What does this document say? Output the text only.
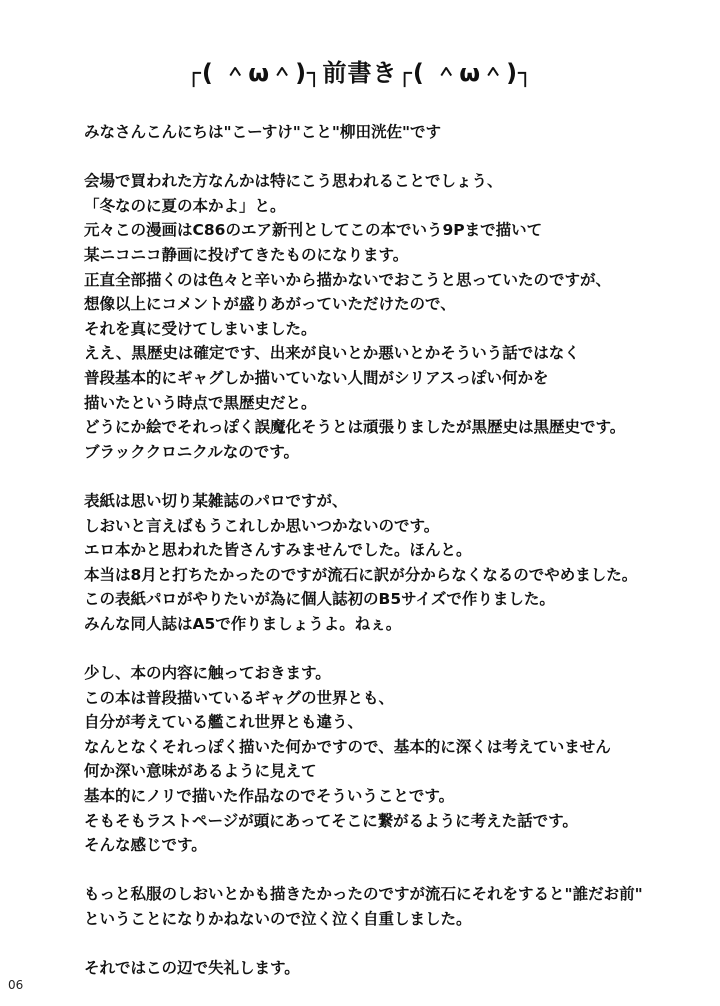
┌( ＾ω＾)┐前書き┌( ＾ω＾)┐
みなさんこんにちは"こーすけ"こと"柳田洸佐"です
会場で買われた方なんかは特にこう思われることでしょう、
「冬なのに夏の本かよ」と。
元々この漫画はC86のエア新刊としてこの本でいう9Pまで描いて
某ニコニコ静画に投げてきたものになります。
正直全部描くのは色々と辛いから描かないでおこうと思っていたのですが、
想像以上にコメントが盛りあがっていただけたので、
それを真に受けてしまいました。
ええ、黒歴史は確定です、出来が良いとか悪いとかそういう話ではなく
普段基本的にギャグしか描いていない人間がシリアスっぽい何かを
描いたという時点で黒歴史だと。
どうにか絵でそれっぽく誤魔化そうとは頑張りましたが黒歴史は黒歴史です。
ブラッククロニクルなのです。
表紙は思い切り某雑誌のパロですが、
しおいと言えばもうこれしか思いつかないのです。
エロ本かと思われた皆さんすみませんでした。ほんと。
本当は8月と打ちたかったのですが流石に訳が分からなくなるのでやめました。
この表紙パロがやりたいが為に個人誌初のB5サイズで作りました。
みんな同人誌はA5で作りましょうよ。ねぇ。
少し、本の内容に触っておきます。
この本は普段描いているギャグの世界とも、
自分が考えている艦これ世界とも違う、
なんとなくそれっぽく描いた何かですので、基本的に深くは考えていません
何か深い意味があるように見えて
基本的にノリで描いた作品なのでそういうことです。
そもそもラストページが頭にあってそこに繋がるように考えた話です。
そんな感じです。
もっと私服のしおいとかも描きたかったのですが流石にそれをすると"誰だお前"
ということになりかねないので泣く泣く自重しました。
それではこの辺で失礼します。
06
